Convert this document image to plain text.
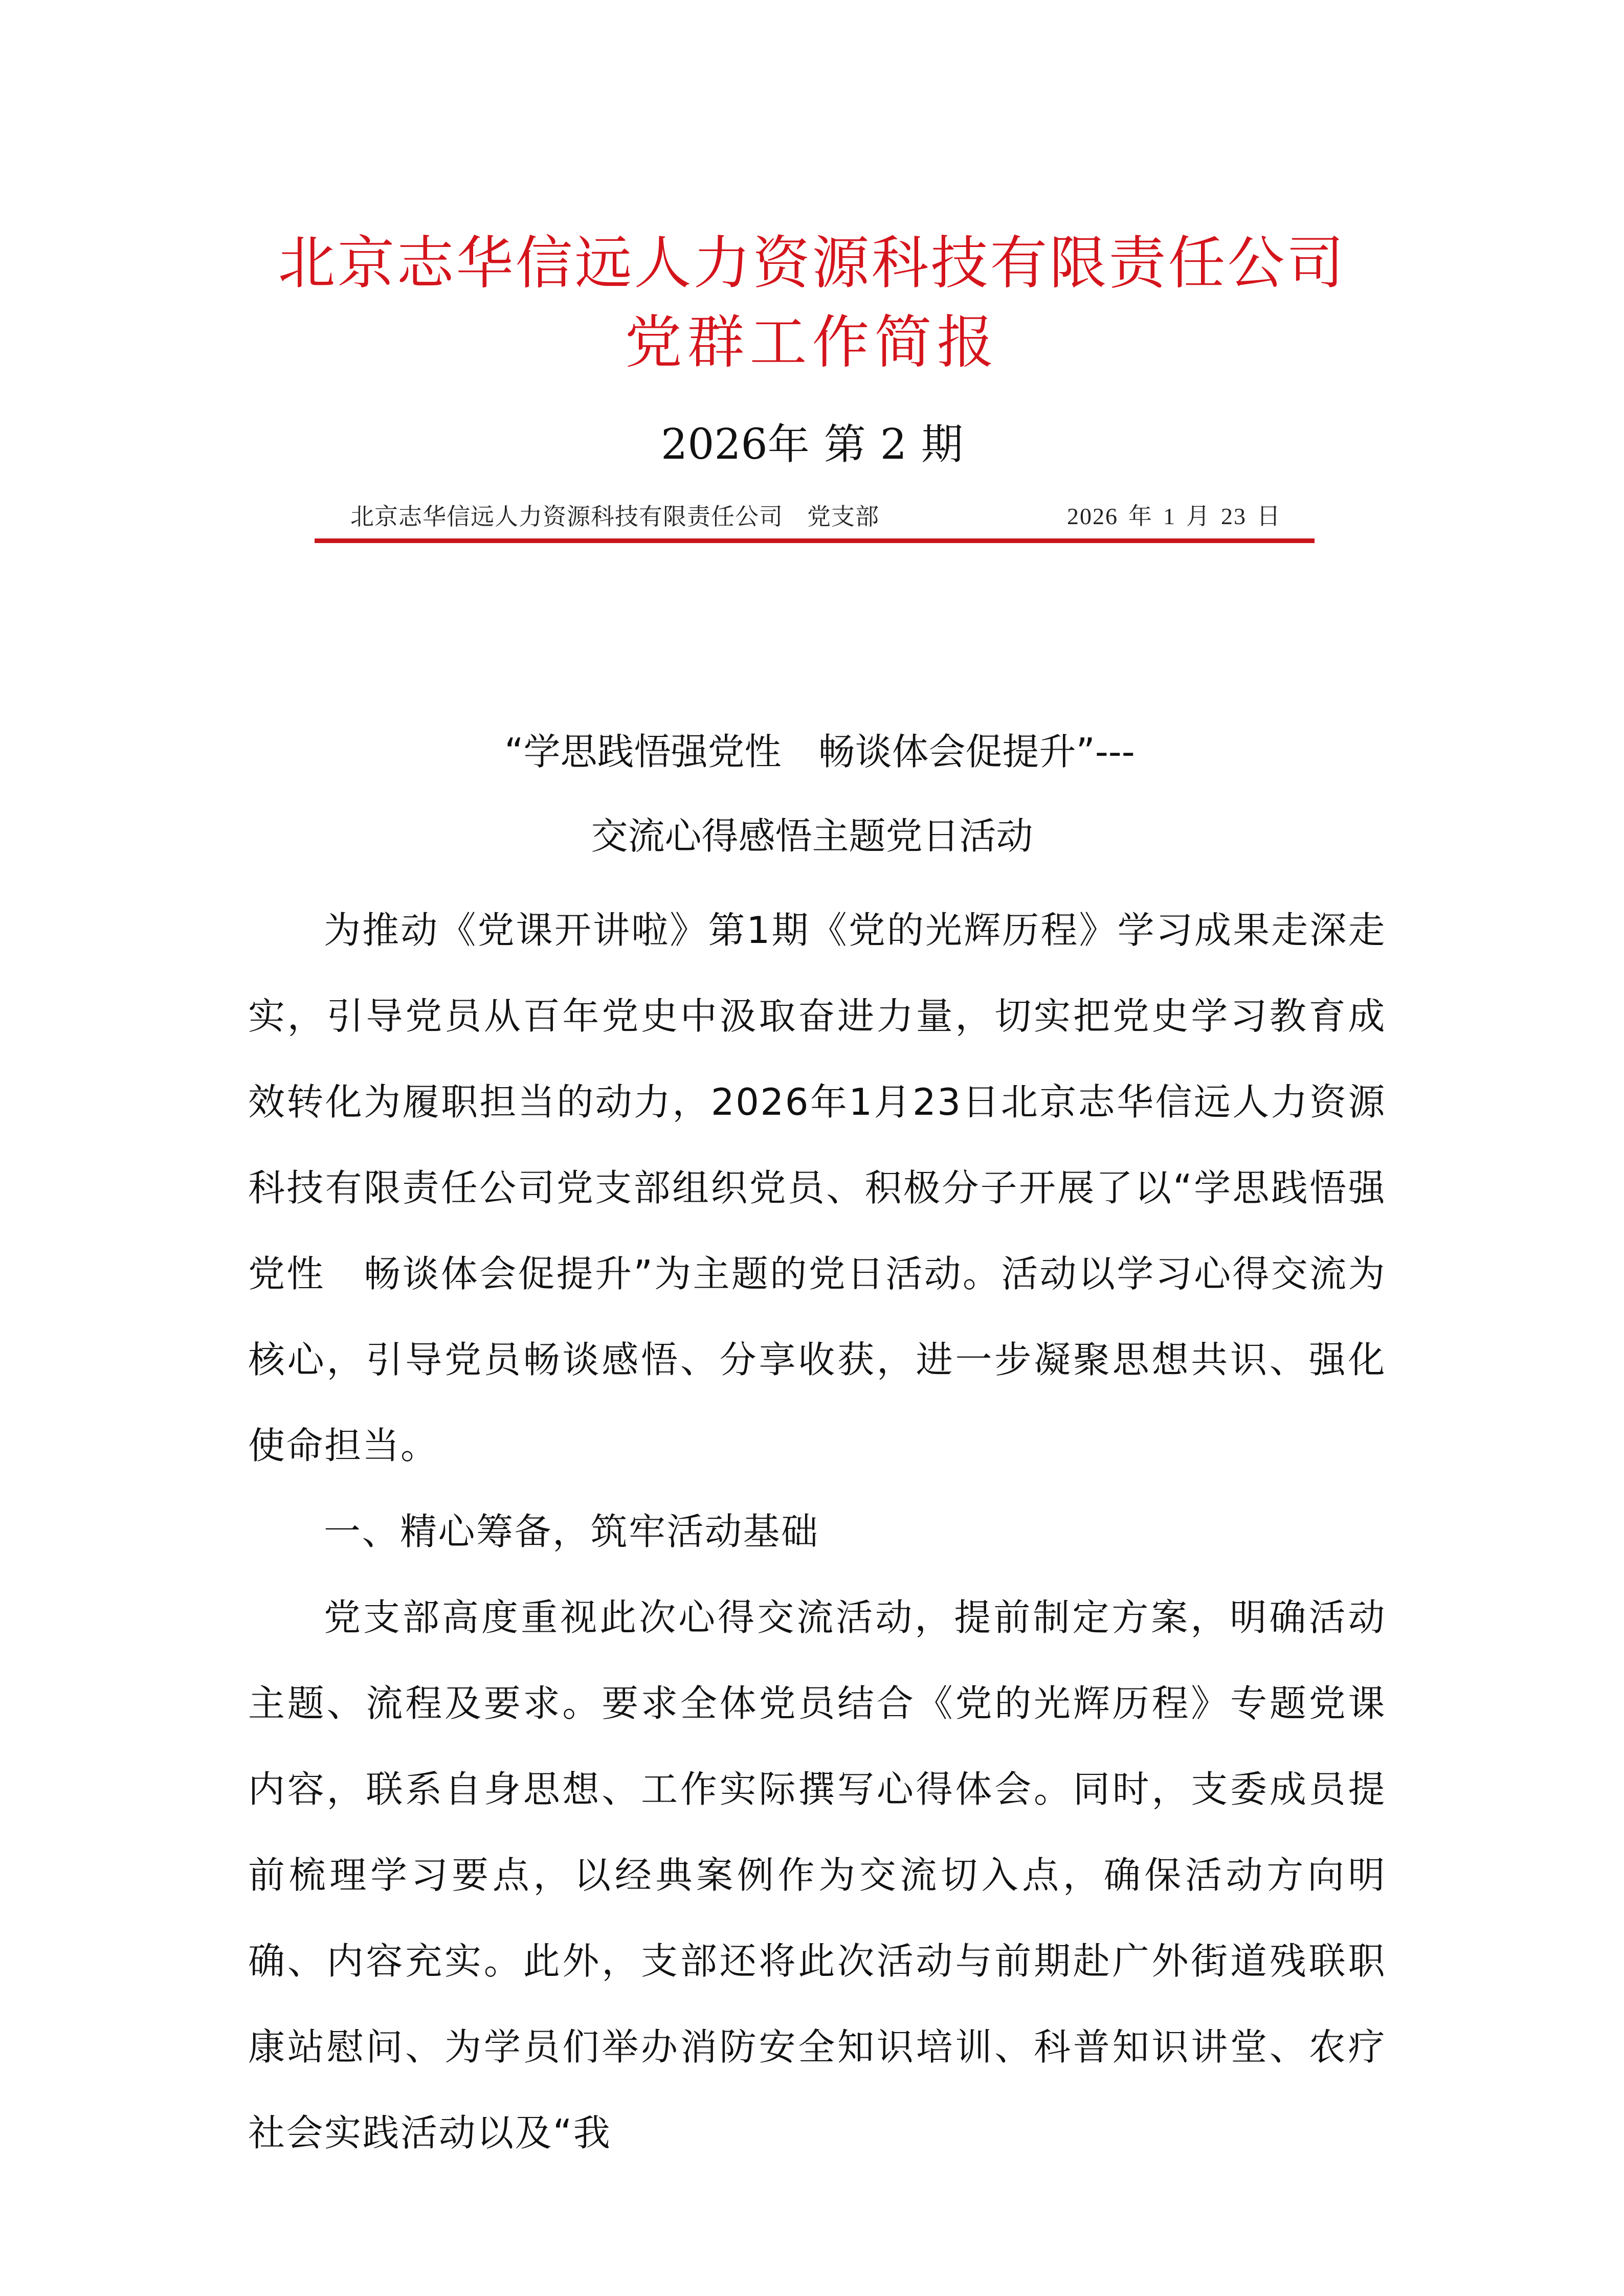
北京志华信远人力资源科技有限责任公司
党群工作简报
2026年 第 2 期
北京志华信远人力资源科技有限责任公司　党支部	2026 年 1 月 23 日
“学思践悟强党性　畅谈体会促提升”---
交流心得感悟主题党日活动

为推动《党课开讲啦》第1期《党的光辉历程》学习成果走深走实，引导党员从百年党史中汲取奋进力量，切实把党史学习教育成效转化为履职担当的动力，2026年1月23日北京志华信远人力资源科技有限责任公司党支部组织党员、积极分子开展了以“学思践悟强党性　畅谈体会促提升”为主题的党日活动。活动以学习心得交流为核心，引导党员畅谈感悟、分享收获，进一步凝聚思想共识、强化使命担当。

一、精心筹备，筑牢活动基础

党支部高度重视此次心得交流活动，提前制定方案，明确活动主题、流程及要求。要求全体党员结合《党的光辉历程》专题党课内容，联系自身思想、工作实际撰写心得体会。同时，支委成员提前梳理学习要点，以经典案例作为交流切入点，确保活动方向明确、内容充实。此外，支部还将此次活动与前期赴广外街道残联职康站慰问、为学员们举办消防安全知识培训、科普知识讲堂、农疗社会实践活动以及“我
